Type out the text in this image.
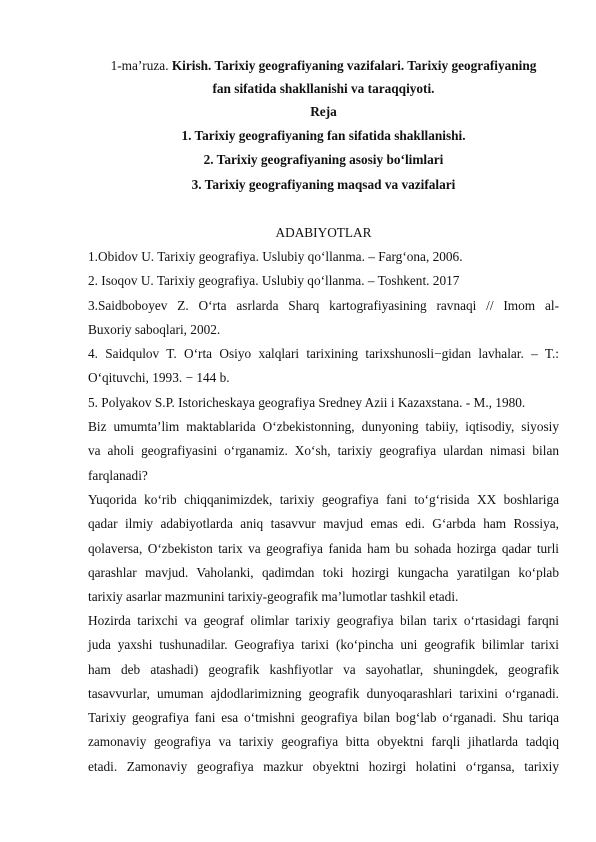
1-ma’ruza. Kirish. Tarixiy geografiyaning vazifalari. Tarixiy geografiyaning
fan sifatida shakllanishi va taraqqiyoti.
Reja
1. Tarixiy geografiyaning fan sifatida shakllanishi.
2. Tarixiy geografiyaning asosiy bo‘limlari
3. Tarixiy geografiyaning maqsad va vazifalari
ADABIYOTLAR
1.Obidov U. Tarixiy geografiya. Uslubiy qo‘llanma. – Farg‘ona, 2006.
2. Isoqov U. Tarixiy geografiya. Uslubiy qo‘llanma. – Toshkent. 2017
3.Saidboboyev Z. O‘rta asrlarda Sharq kartografiyasining ravnaqi // Imom al-
Buxoriy saboqlari, 2002.
4. Saidqulov T. O‘rta Osiyo xalqlari tarixining tarixshunosli−gidan lavhalar. – T.:
O‘qituvchi, 1993. − 144 b.
5. Polyakov S.P. Istoricheskaya geografiya Sredney Azii i Kazaxstana. - M., 1980.
Biz umumta’lim maktablarida O‘zbekistonning, dunyoning tabiiy, iqtisodiy, siyosiy
va aholi geografiyasini o‘rganamiz. Xo‘sh, tarixiy geografiya ulardan nimasi bilan
farqlanadi?
Yuqorida ko‘rib chiqqanimizdek, tarixiy geografiya fani to‘g‘risida XX boshlariga
qadar ilmiy adabiyotlarda aniq tasavvur mavjud emas edi. G‘arbda ham Rossiya,
qolaversa, O‘zbekiston tarix va geografiya fanida ham bu sohada hozirga qadar turli
qarashlar mavjud. Vaholanki, qadimdan toki hozirgi kungacha yaratilgan ko‘plab
tarixiy asarlar mazmunini tarixiy-geografik ma’lumotlar tashkil etadi.
Hozirda tarixchi va geograf olimlar tarixiy geografiya bilan tarix o‘rtasidagi farqni
juda yaxshi tushunadilar. Geografiya tarixi (ko‘pincha uni geografik bilimlar tarixi
ham deb atashadi) geografik kashfiyotlar va sayohatlar, shuningdek, geografik
tasavvurlar, umuman ajdodlarimizning geografik dunyoqarashlari tarixini o‘rganadi.
Tarixiy geografiya fani esa o‘tmishni geografiya bilan bog‘lab o‘rganadi. Shu tariqa
zamonaviy geografiya va tarixiy geografiya bitta obyektni farqli jihatlarda tadqiq
etadi. Zamonaviy geografiya mazkur obyektni hozirgi holatini o‘rgansa, tarixiy
